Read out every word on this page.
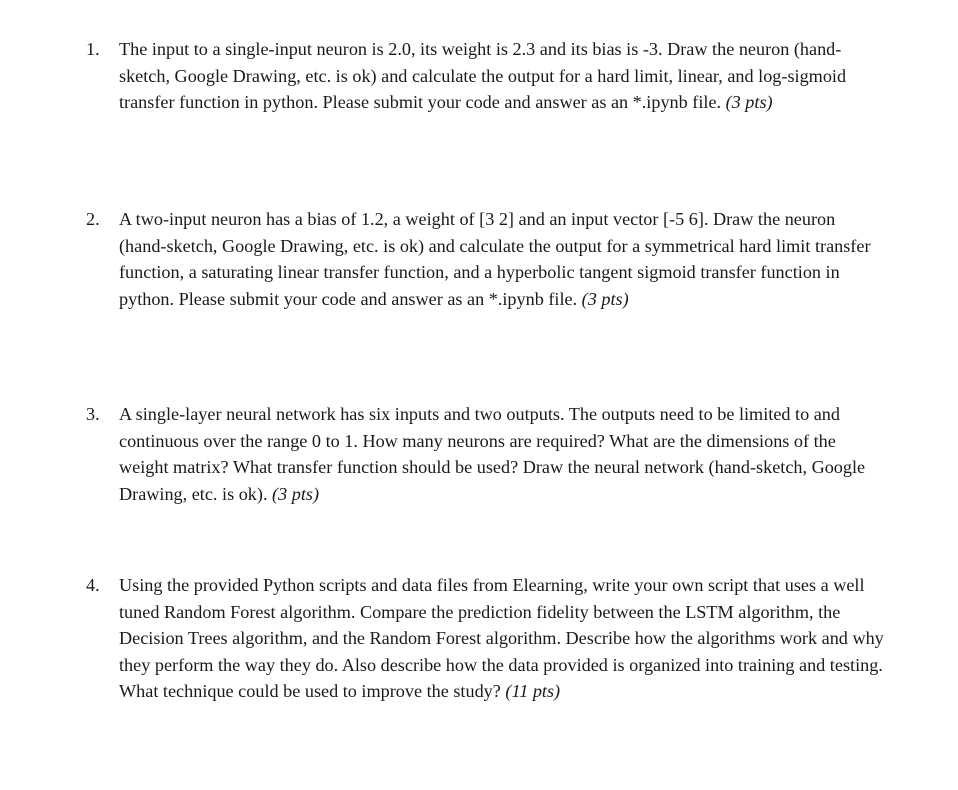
1.	The input to a single-input neuron is 2.0, its weight is 2.3 and its bias is -3. Draw the neuron (hand-sketch, Google Drawing, etc. is ok) and calculate the output for a hard limit, linear, and log-sigmoid transfer function in python. Please submit your code and answer as an *.ipynb file. (3 pts)
2.	A two-input neuron has a bias of 1.2, a weight of [3 2] and an input vector [-5 6]. Draw the neuron (hand-sketch, Google Drawing, etc. is ok) and calculate the output for a symmetrical hard limit transfer function, a saturating linear transfer function, and a hyperbolic tangent sigmoid transfer function in python. Please submit your code and answer as an *.ipynb file. (3 pts)
3.	A single-layer neural network has six inputs and two outputs. The outputs need to be limited to and continuous over the range 0 to 1. How many neurons are required? What are the dimensions of the weight matrix? What transfer function should be used? Draw the neural network (hand-sketch, Google Drawing, etc. is ok). (3 pts)
4.	Using the provided Python scripts and data files from Elearning, write your own script that uses a well tuned Random Forest algorithm. Compare the prediction fidelity between the LSTM algorithm, the Decision Trees algorithm, and the Random Forest algorithm. Describe how the algorithms work and why they perform the way they do. Also describe how the data provided is organized into training and testing. What technique could be used to improve the study? (11 pts)
